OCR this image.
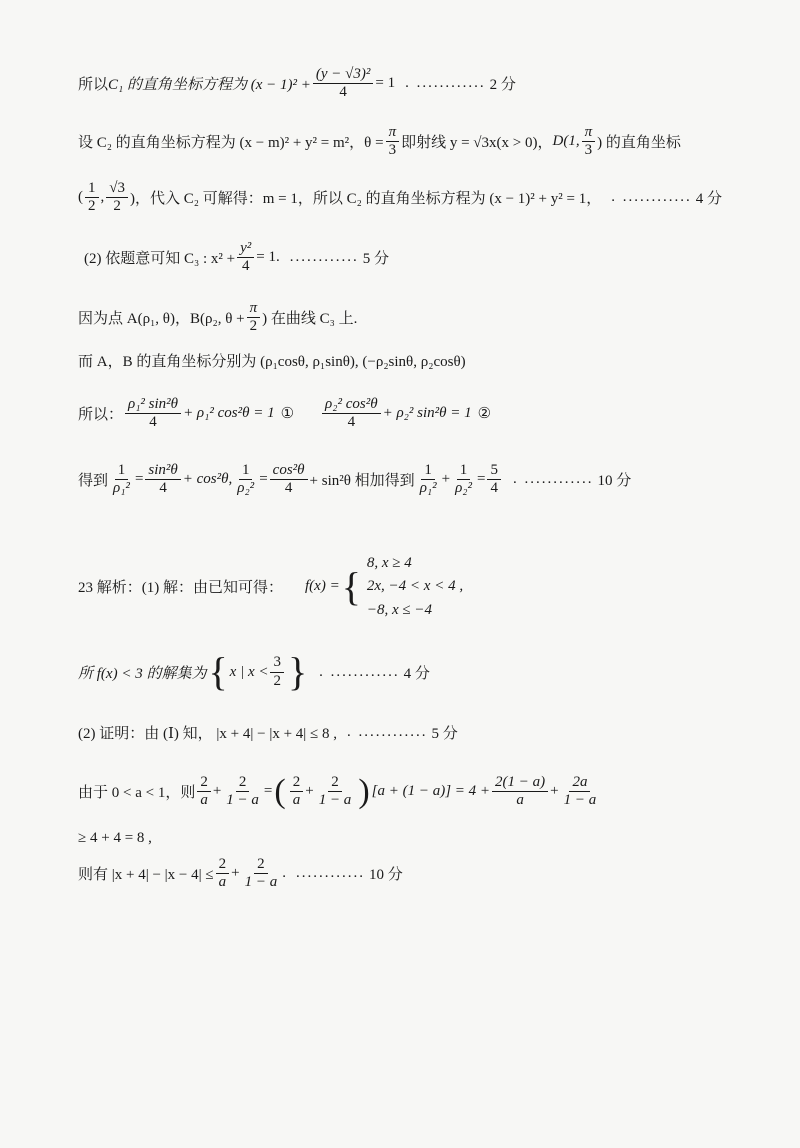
所以 C₁ 的直角坐标方程为 $(x - 1)^2 + \frac{\text{(y − √3)²}}{4} = 1$ . ............ 2 分
设 C₂ 的直角坐标方程为 (x − m)² + y² = m²，$\theta = \frac{\pi}{3}$ 即射线 y = √3x(x > 0)， D(1, $\frac{\pi}{3}$ ) 的直角坐标
( $\frac{1}{2}$ , $\frac{√3}{2}$ )，代入 C₂ 可解得：m = 1，所以 C₂ 的直角坐标方程为 (x − 1)² + y² = 1， . ............ 4 分
(2) 依题意可知 C₃ : $x^2 + \frac{\text{y²}}{4} = 1$. ............ 5 分
因为点 A(ρ₁, θ)，B(ρ₂, $\theta + \frac{\pi}{2}$ ) 在曲线 C₃ 上.
而 A，B 的直角坐标分别为 (ρ₁cosθ, ρ₁sinθ), (−ρ₂sinθ, ρ₂cosθ)
所以： $\frac{\text{ρ₁² sin²θ}}{4} + \rho_1^2$ cos²θ = 1 ① $\frac{\text{ρ₂² cos²θ}}{4} + \rho_2^2$ sin²θ = 1 ②
得到 $\frac{1}{\text{ρ₁²}} = \frac{\text{sin²θ}}{4} + \cos^2\theta$, $\frac{1}{\text{ρ₂²}} = \frac{\text{cos²θ}}{4} + \sin^2\theta$ 相加得到 $\frac{1}{\text{ρ₁²}} + \frac{1}{\text{ρ₂²}} = \frac{5}{4}$ . ............ 10 分
23 解析：(1) 解：由已知可得： f(x) = {
8, x ≥ 4
2x, −4 < x < 4 ,
−8, x ≤ −4
所 f(x) < 3 的解集为 { x | $x < \frac{3}{2}$ } . ............ 4 分
(2) 证明：由 (Ⅰ) 知， |x + 4| − |x + 4| ≤ 8 , . ............ 5 分
由于 0 < a < 1，则 $\frac{2}{a} + \frac{2}{1 - a}$ = ( $\frac{2}{a} + \frac{2}{1 - a}$ ) $[a + (1 - a)] = 4 + \frac{2(1 - a)}{a} + \frac{2a}{1 - a}$
≥ 4 + 4 = 8 ,
则有 $|x + 4| - |x - 4| \le \frac{2}{a} + \frac{2}{1 - a}$ . ............ 10 分
